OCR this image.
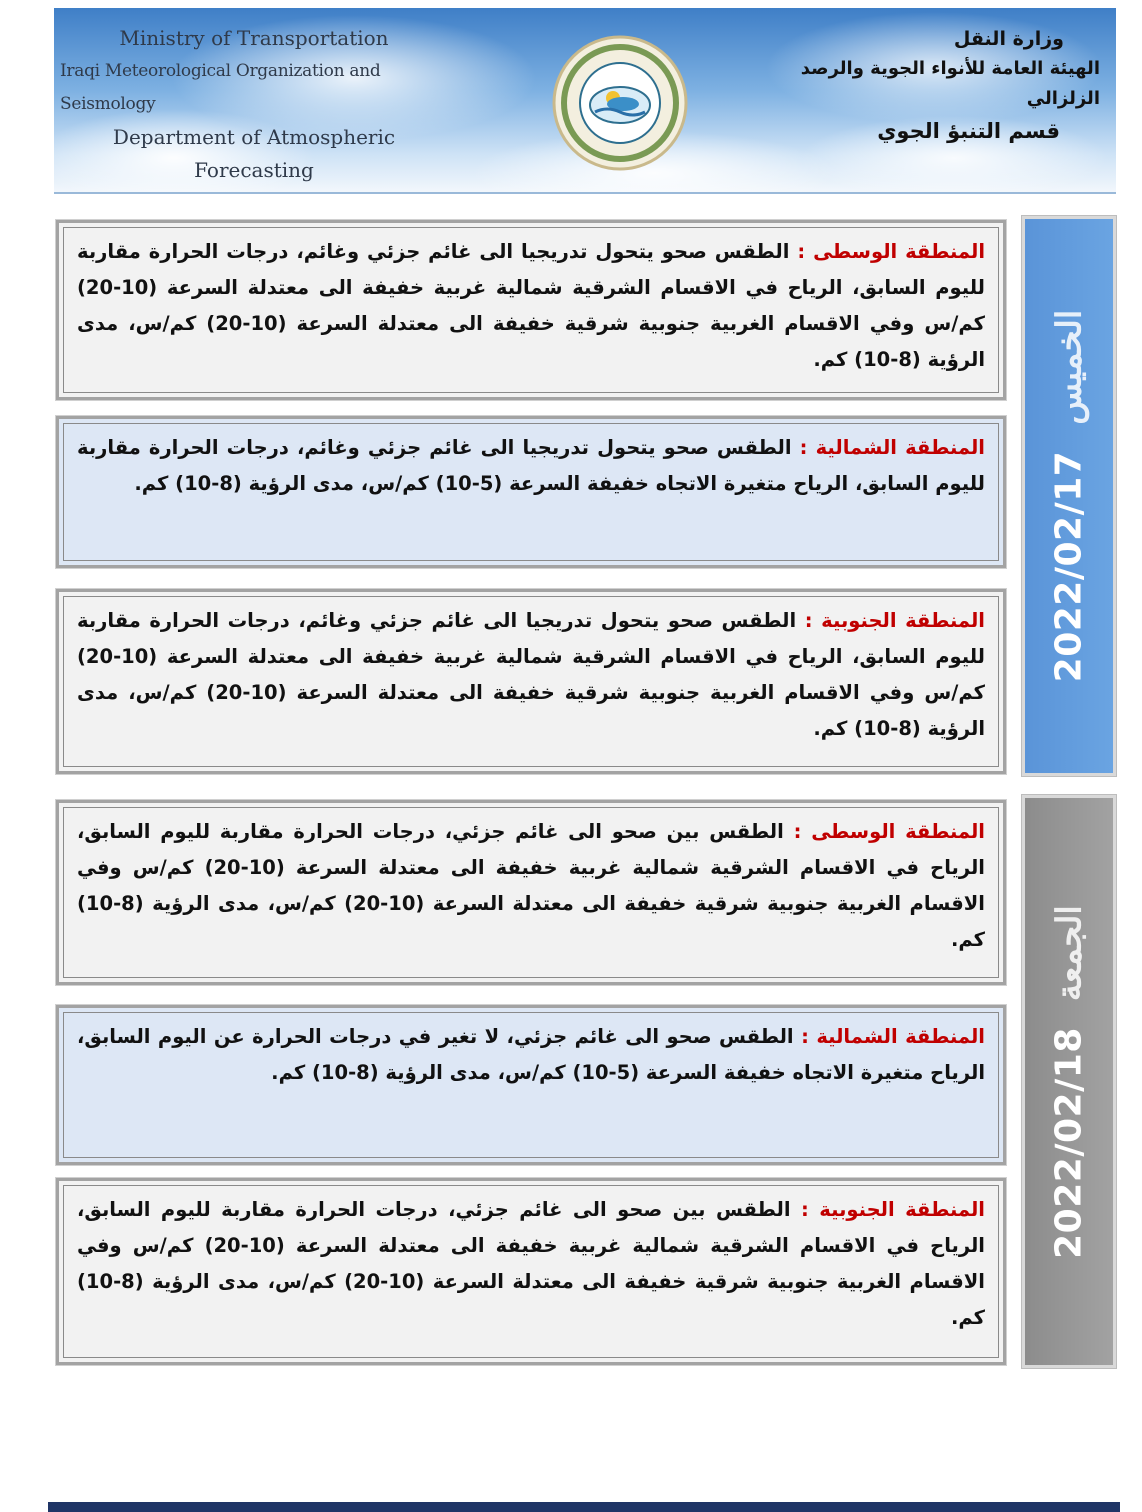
Ministry of Transportation
Iraqi Meteorological Organization and Seismology
Department of Atmospheric Forecasting
وزارة النقل
الهيئة العامة للأنواء الجوية والرصد الزلزالي
قسم التنبؤ الجوي
المنطقة الوسطى : الطقس صحو يتحول تدريجيا الى غائم جزئي وغائم، درجات الحرارة مقاربة لليوم السابق، الرياح في الاقسام الشرقية شمالية غربية خفيفة الى معتدلة السرعة (10-20) كم/س وفي الاقسام الغربية جنوبية شرقية خفيفة الى معتدلة السرعة (10-20) كم/س، مدى الرؤية (8-10) كم.
المنطقة الشمالية : الطقس صحو يتحول تدريجيا الى غائم جزئي وغائم، درجات الحرارة مقاربة لليوم السابق، الرياح متغيرة الاتجاه خفيفة السرعة (5-10) كم/س، مدى الرؤية (8-10) كم.
المنطقة الجنوبية : الطقس صحو يتحول تدريجيا الى غائم جزئي وغائم، درجات الحرارة مقاربة لليوم السابق، الرياح في الاقسام الشرقية شمالية غربية خفيفة الى معتدلة السرعة (10-20) كم/س وفي الاقسام الغربية جنوبية شرقية خفيفة الى معتدلة السرعة (10-20) كم/س، مدى الرؤية (8-10) كم.
2022/02/17
الخميس
المنطقة الوسطى : الطقس بين صحو الى غائم جزئي، درجات الحرارة مقاربة لليوم السابق، الرياح في الاقسام الشرقية شمالية غربية خفيفة الى معتدلة السرعة (10-20) كم/س وفي الاقسام الغربية جنوبية شرقية خفيفة الى معتدلة السرعة (10-20) كم/س، مدى الرؤية (8-10) كم.
المنطقة الشمالية : الطقس صحو الى غائم جزئي، لا تغير في درجات الحرارة عن اليوم السابق، الرياح متغيرة الاتجاه خفيفة السرعة (5-10) كم/س، مدى الرؤية (8-10) كم.
المنطقة الجنوبية : الطقس بين صحو الى غائم جزئي، درجات الحرارة مقاربة لليوم السابق، الرياح في الاقسام الشرقية شمالية غربية خفيفة الى معتدلة السرعة (10-20) كم/س وفي الاقسام الغربية جنوبية شرقية خفيفة الى معتدلة السرعة (10-20) كم/س، مدى الرؤية (8-10) كم.
2022/02/18
الجمعة
